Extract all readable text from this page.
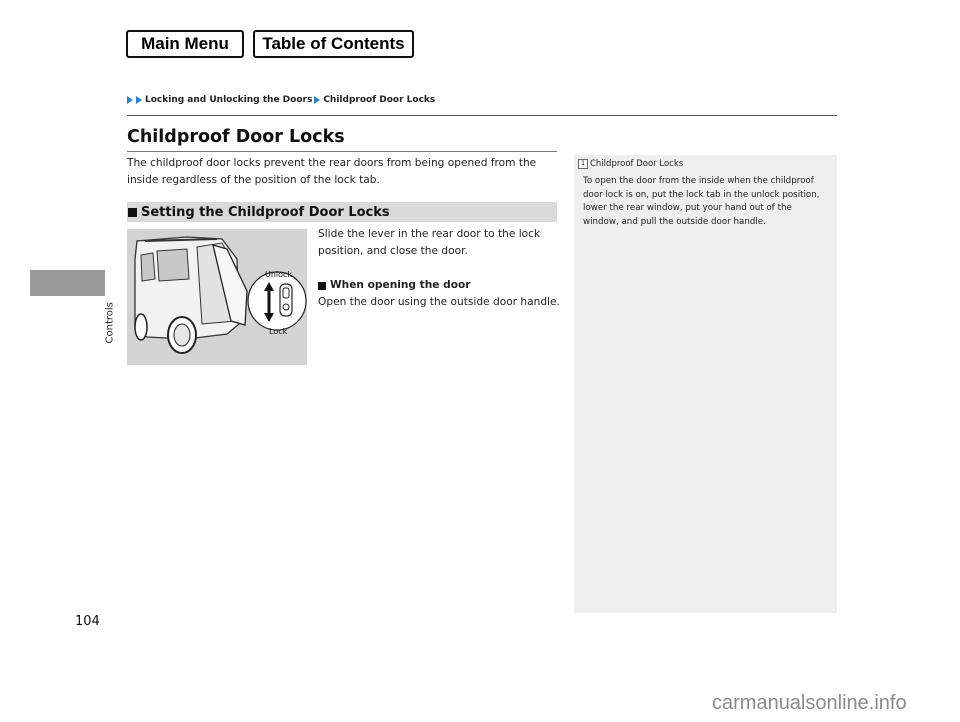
Main Menu	Table of Contents
Locking and Unlocking the Doors Childproof Door Locks
Childproof Door Locks

The childproof door locks prevent the rear doors from being opened from the inside regardless of the position of the lock tab.

Setting the Childproof Door Locks
Unlock
Lock

Slide the lever in the rear door to the lock position, and close the door.

When opening the door

Open the door using the outside door handle.

Controls
1 Childproof Door Locks

To open the door from the inside when the childproof door lock is on, put the lock tab in the unlock position, lower the rear window, put your hand out of the window, and pull the outside door handle.

104
carmanualsonline.info
